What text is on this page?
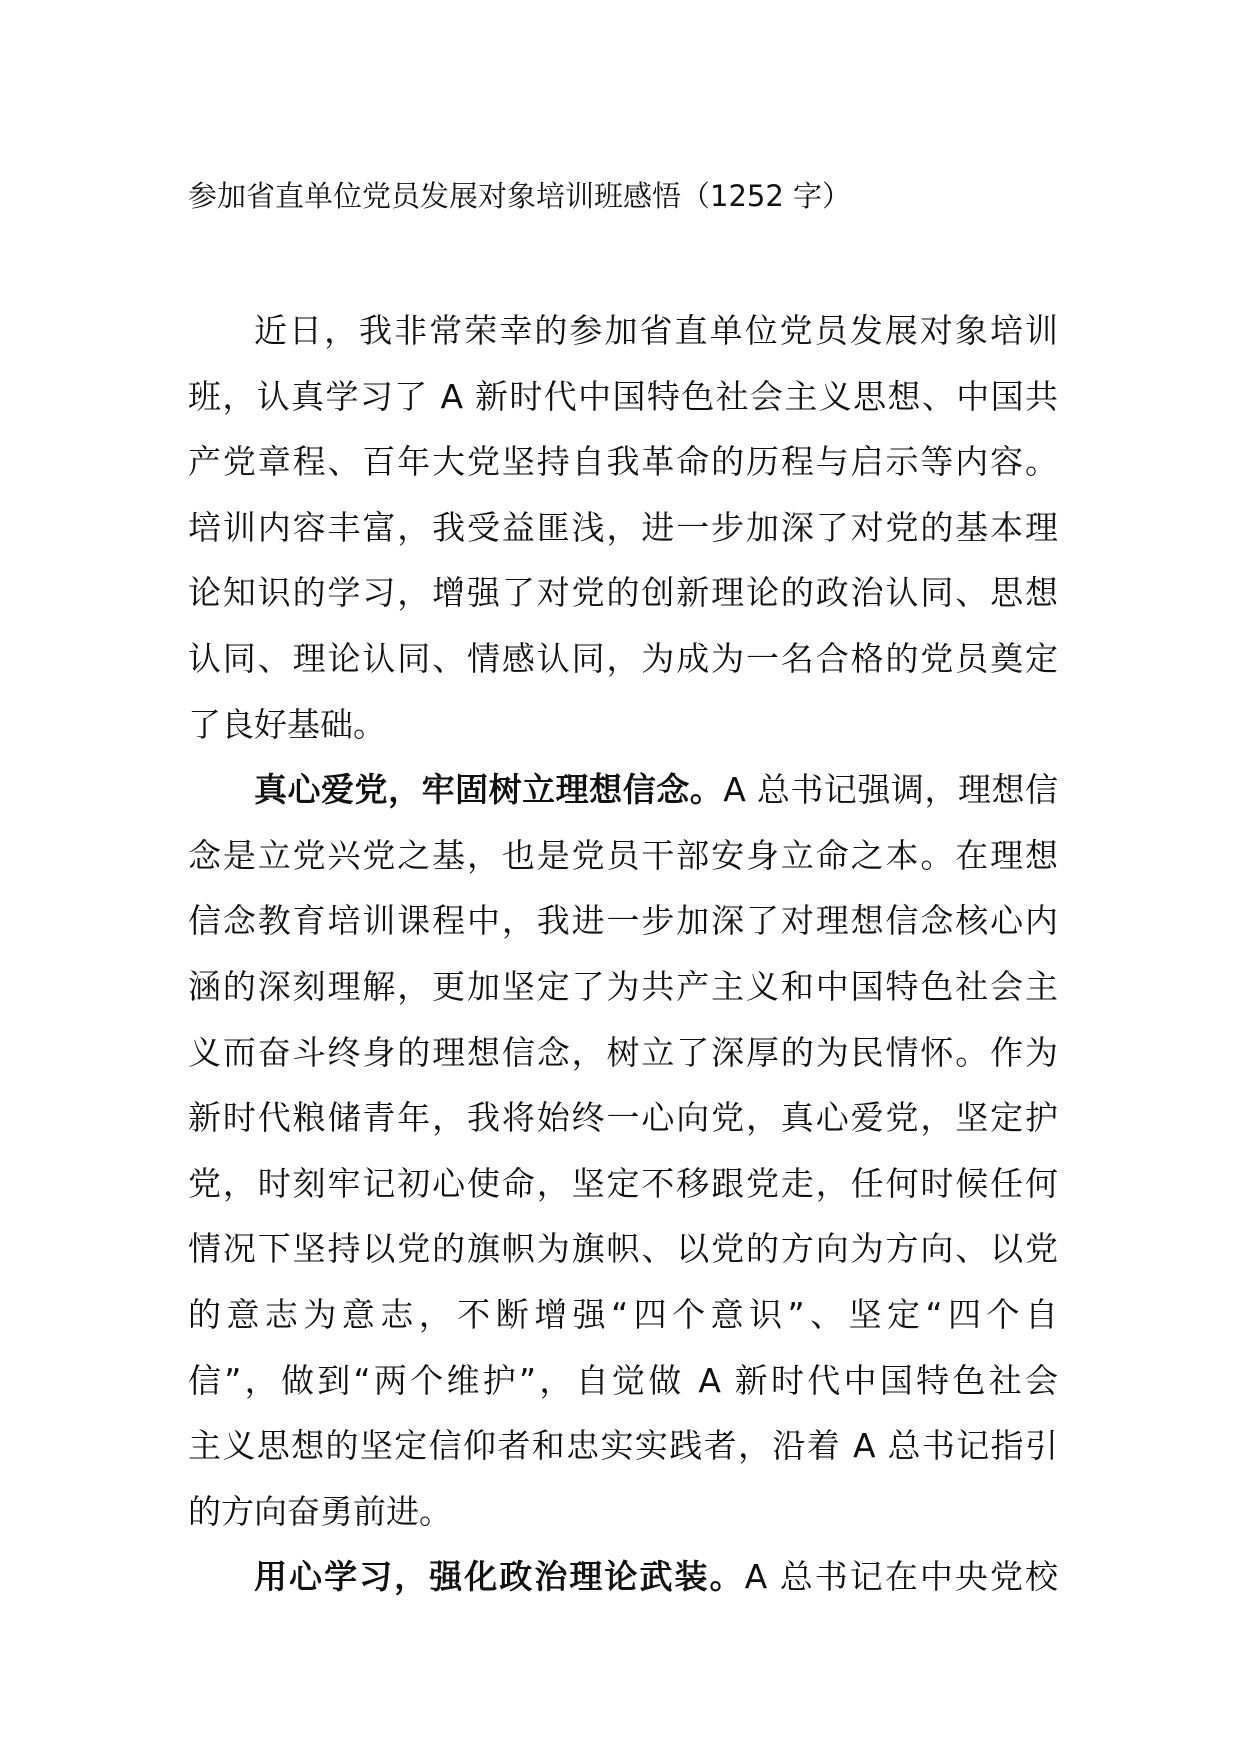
参加省直单位党员发展对象培训班感悟（1252 字）
近日，我非常荣幸的参加省直单位党员发展对象培训
班，认真学习了 A 新时代中国特色社会主义思想、中国共
产党章程、百年大党坚持自我革命的历程与启示等内容。
培训内容丰富，我受益匪浅，进一步加深了对党的基本理
论知识的学习，增强了对党的创新理论的政治认同、思想
认同、理论认同、情感认同，为成为一名合格的党员奠定
了良好基础。
真心爱党，牢固树立理想信念。A 总书记强调，理想信
念是立党兴党之基，也是党员干部安身立命之本。在理想
信念教育培训课程中，我进一步加深了对理想信念核心内
涵的深刻理解，更加坚定了为共产主义和中国特色社会主
义而奋斗终身的理想信念，树立了深厚的为民情怀。作为
新时代粮储青年，我将始终一心向党，真心爱党，坚定护
党，时刻牢记初心使命，坚定不移跟党走，任何时候任何
情况下坚持以党的旗帜为旗帜、以党的方向为方向、以党
的意志为意志，不断增强“四个意识”、坚定“四个自
信”，做到“两个维护”，自觉做 A 新时代中国特色社会
主义思想的坚定信仰者和忠实实践者，沿着 A 总书记指引
的方向奋勇前进。
用心学习，强化政治理论武装。A 总书记在中央党校
